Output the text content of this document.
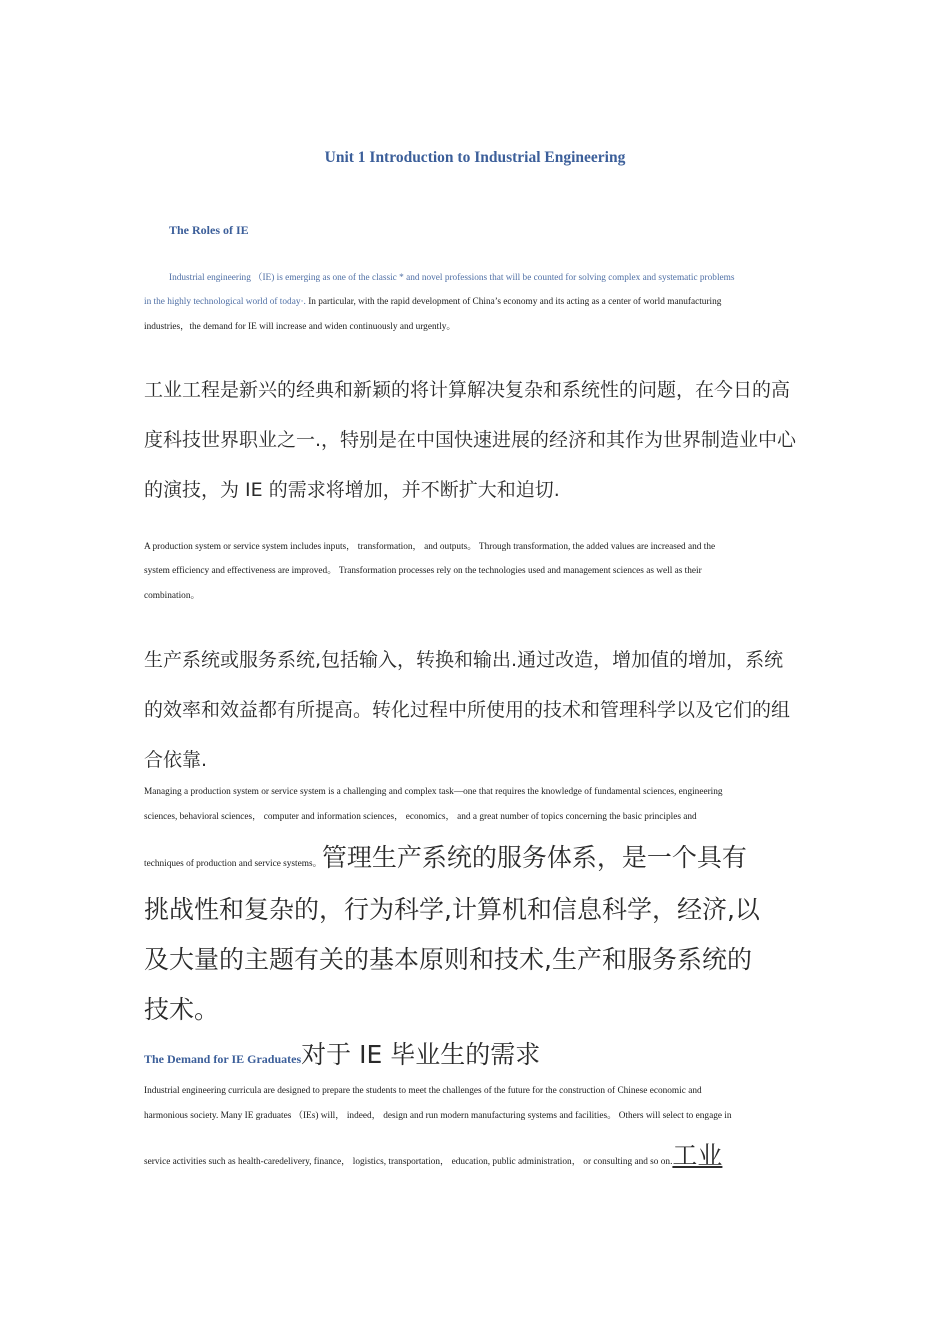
Unit 1 Introduction to Industrial Engineering
The Roles of IE
Industrial engineering （IE) is emerging as one of the classic * and novel professions that will be counted for solving complex and systematic problems
in the highly technological world of today·. In particular, with the rapid development of China’s economy and its acting as a center of world manufacturing
industries，the demand for IE will increase and widen continuously and urgently。
工业工程是新兴的经典和新颖的将计算解决复杂和系统性的问题，在今日的高
度科技世界职业之一.，特别是在中国快速进展的经济和其作为世界制造业中心
的演技，为 IE 的需求将增加，并不断扩大和迫切.
A production system or service system includes inputs， transformation， and outputs。 Through transformation, the added values are increased and the
system efficiency and effectiveness are improved。 Transformation processes rely on the technologies used and management sciences as well as their
combination。
生产系统或服务系统,包括输入，转换和输出.通过改造，增加值的增加，系统
的效率和效益都有所提高。转化过程中所使用的技术和管理科学以及它们的组
合依靠.
Managing a production system or service system is a challenging and complex task—one that requires the knowledge of fundamental sciences, engineering
sciences, behavioral sciences， computer and information sciences， economics， and a great number of topics concerning the basic principles and
techniques of production and service systems。管理生产系统的服务体系，是一个具有
挑战性和复杂的，行为科学,计算机和信息科学，经济,以
及大量的主题有关的基本原则和技术,生产和服务系统的
技术。
The Demand for IE Graduates对于 IE 毕业生的需求
Industrial engineering curricula are designed to prepare the students to meet the challenges of the future for the construction of Chinese economic and
harmonious society. Many IE graduates （IEs) will， indeed， design and run modern manufacturing systems and facilities。 Others will select to engage in
service activities such as health-caredelivery, finance， logistics, transportation， education, public administration， or consulting and so on.工业
